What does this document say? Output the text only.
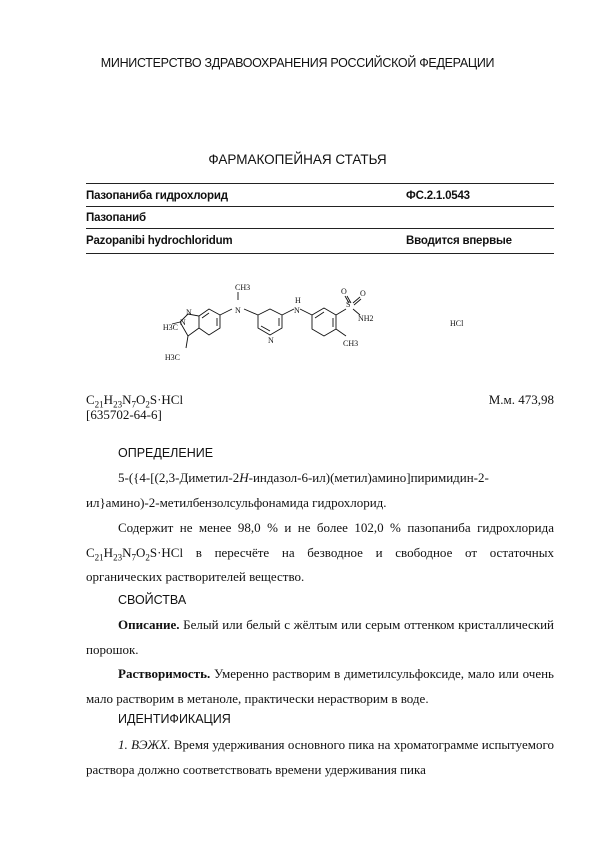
МИНИСТЕРСТВО ЗДРАВООХРАНЕНИЯ РОССИЙСКОЙ ФЕДЕРАЦИИ
ФАРМАКОПЕЙНАЯ СТАТЬЯ
Пазопаниба гидрохлорид	ФС.2.1.0543
Пазопаниб
Pazopanibi hydrochloridum	Вводится впервые
H3C
H3C
N
N	N
CH3
N
N
H	S
O O
NH2
CH3
HCl
$C_{21}H_{23}N_7O_2S\cdot HCl$	М.м. 473,98
[635702-64-6]
ОПРЕДЕЛЕНИЕ
5-({4-[(2,3-Диметил-2H-индазол-6-ил)(метил)амино]пиримидин-2-
ил}амино)-2-метилбензолсульфонамида гидрохлорид.
Содержит не менее 98,0 % и не более 102,0 % пазопаниба гидрохлорида $C_{21}H_{23}N_7O_2S\cdot HCl$ в пересчёте на безводное и свободное от остаточных органических растворителей вещество.
СВОЙСТВА
Описание. Белый или белый с жёлтым или серым оттенком кристаллический порошок.
Растворимость. Умеренно растворим в диметилсульфоксиде, мало или очень мало растворим в метаноле, практически нерастворим в воде.
ИДЕНТИФИКАЦИЯ
1. ВЭЖХ. Время удерживания основного пика на хроматограмме испытуемого раствора должно соответствовать времени удерживания пика
